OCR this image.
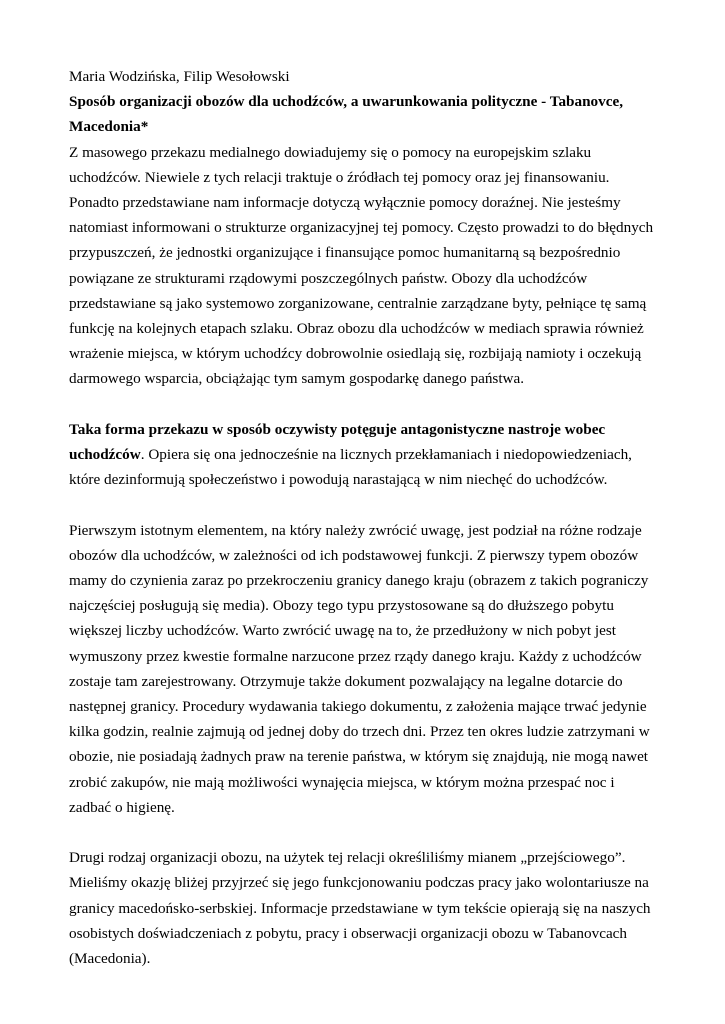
Maria Wodzińska, Filip Wesołowski

Sposób organizacji obozów dla uchodźców, a uwarunkowania polityczne - Tabanovce, Macedonia*

Z masowego przekazu medialnego dowiadujemy się o pomocy na europejskim szlaku uchodźców. Niewiele z tych relacji traktuje o źródłach tej pomocy oraz jej finansowaniu. Ponadto przedstawiane nam informacje dotyczą wyłącznie pomocy doraźnej. Nie jesteśmy natomiast informowani o strukturze organizacyjnej tej pomocy. Często prowadzi to do błędnych przypuszczeń, że jednostki organizujące i finansujące pomoc humanitarną są bezpośrednio powiązane ze strukturami rządowymi poszczególnych państw. Obozy dla uchodźców przedstawiane są jako systemowo zorganizowane, centralnie zarządzane byty, pełniące tę samą funkcję na kolejnych etapach szlaku. Obraz obozu dla uchodźców w mediach sprawia również wrażenie miejsca, w którym uchodźcy dobrowolnie osiedlają się, rozbijają namioty i oczekują darmowego wsparcia, obciążając tym samym gospodarkę danego państwa.

Taka forma przekazu w sposób oczywisty potęguje antagonistyczne nastroje wobec uchodźców. Opiera się ona jednocześnie na licznych przekłamaniach i niedopowiedzeniach, które dezinformują społeczeństwo i powodują narastającą w nim niechęć do uchodźców.

Pierwszym istotnym elementem, na który należy zwrócić uwagę, jest podział na różne rodzaje obozów dla uchodźców, w zależności od ich podstawowej funkcji. Z pierwszy typem obozów mamy do czynienia zaraz po przekroczeniu granicy danego kraju (obrazem z takich pograniczy najczęściej posługują się media). Obozy tego typu przystosowane są do dłuższego pobytu większej liczby uchodźców. Warto zwrócić uwagę na to, że przedłużony w nich pobyt jest wymuszony przez kwestie formalne narzucone przez rządy danego kraju. Każdy z uchodźców zostaje tam zarejestrowany. Otrzymuje także dokument pozwalający na legalne dotarcie do następnej granicy. Procedury wydawania takiego dokumentu, z założenia mające trwać jedynie kilka godzin, realnie zajmują od jednej doby do trzech dni. Przez ten okres ludzie zatrzymani w obozie, nie posiadają żadnych praw na terenie państwa, w którym się znajdują, nie mogą nawet zrobić zakupów, nie mają możliwości wynajęcia miejsca, w którym można przespać noc i zadbać o higienę.

Drugi rodzaj organizacji obozu, na użytek tej relacji określiliśmy mianem „przejściowego”. Mieliśmy okazję bliżej przyjrzeć się jego funkcjonowaniu podczas pracy jako wolontariusze na granicy macedońsko-serbskiej. Informacje przedstawiane w tym tekście opierają się na naszych osobistych doświadczeniach z pobytu, pracy i obserwacji organizacji obozu w Tabanovcach (Macedonia).
